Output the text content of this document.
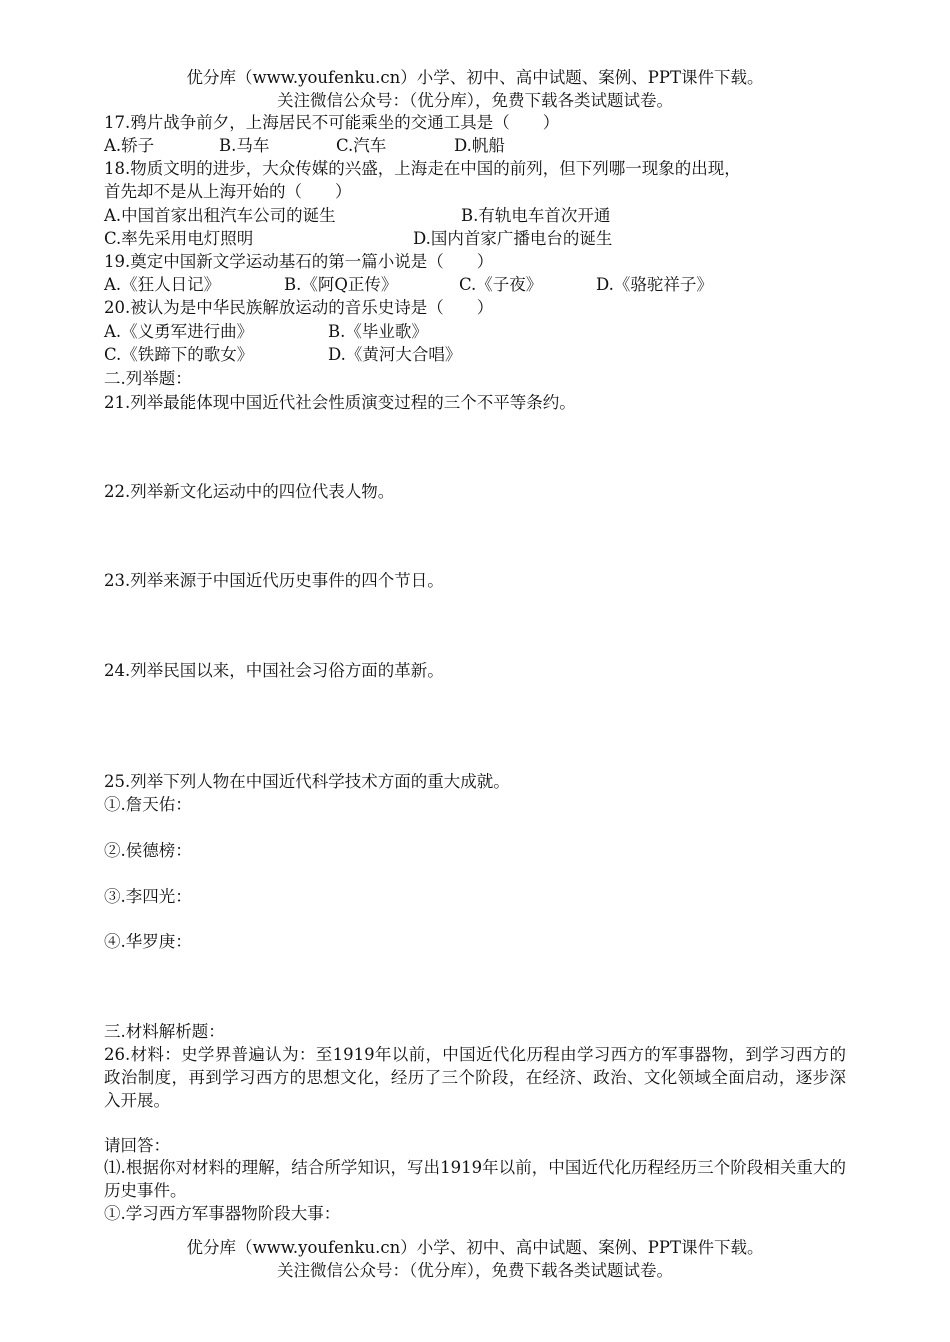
优分库（www.youfenku.cn）小学、初中、高中试题、案例、PPT课件下载。
关注微信公众号：（优分库），免费下载各类试题试卷。
17.鸦片战争前夕，上海居民不可能乘坐的交通工具是（　　）
A.轿子	B.马车	C.汽车	D.帆船
18.物质文明的进步，大众传媒的兴盛，上海走在中国的前列，但下列哪一现象的出现，
首先却不是从上海开始的（　　）
A.中国首家出租汽车公司的诞生	B.有轨电车首次开通
C.率先采用电灯照明	D.国内首家广播电台的诞生
19.奠定中国新文学运动基石的第一篇小说是（　　）
A.《狂人日记》	B.《阿Q正传》	C.《子夜》	D.《骆驼祥子》
20.被认为是中华民族解放运动的音乐史诗是（　　）
A.《义勇军进行曲》	B.《毕业歌》
C.《铁蹄下的歌女》	D.《黄河大合唱》
二.列举题：
21.列举最能体现中国近代社会性质演变过程的三个不平等条约。
22.列举新文化运动中的四位代表人物。
23.列举来源于中国近代历史事件的四个节日。
24.列举民国以来，中国社会习俗方面的革新。
25.列举下列人物在中国近代科学技术方面的重大成就。
①.詹天佑：
②.侯德榜：
③.李四光：
④.华罗庚：
三.材料解析题：
26.材料：史学界普遍认为：至1919年以前，中国近代化历程由学习西方的军事器物，到学习西方的政治制度，再到学习西方的思想文化，经历了三个阶段，在经济、政治、文化领域全面启动，逐步深入开展。
请回答：
⑴.根据你对材料的理解，结合所学知识，写出1919年以前，中国近代化历程经历三个阶段相关重大的历史事件。
①.学习西方军事器物阶段大事：
优分库（www.youfenku.cn）小学、初中、高中试题、案例、PPT课件下载。
关注微信公众号：（优分库），免费下载各类试题试卷。
